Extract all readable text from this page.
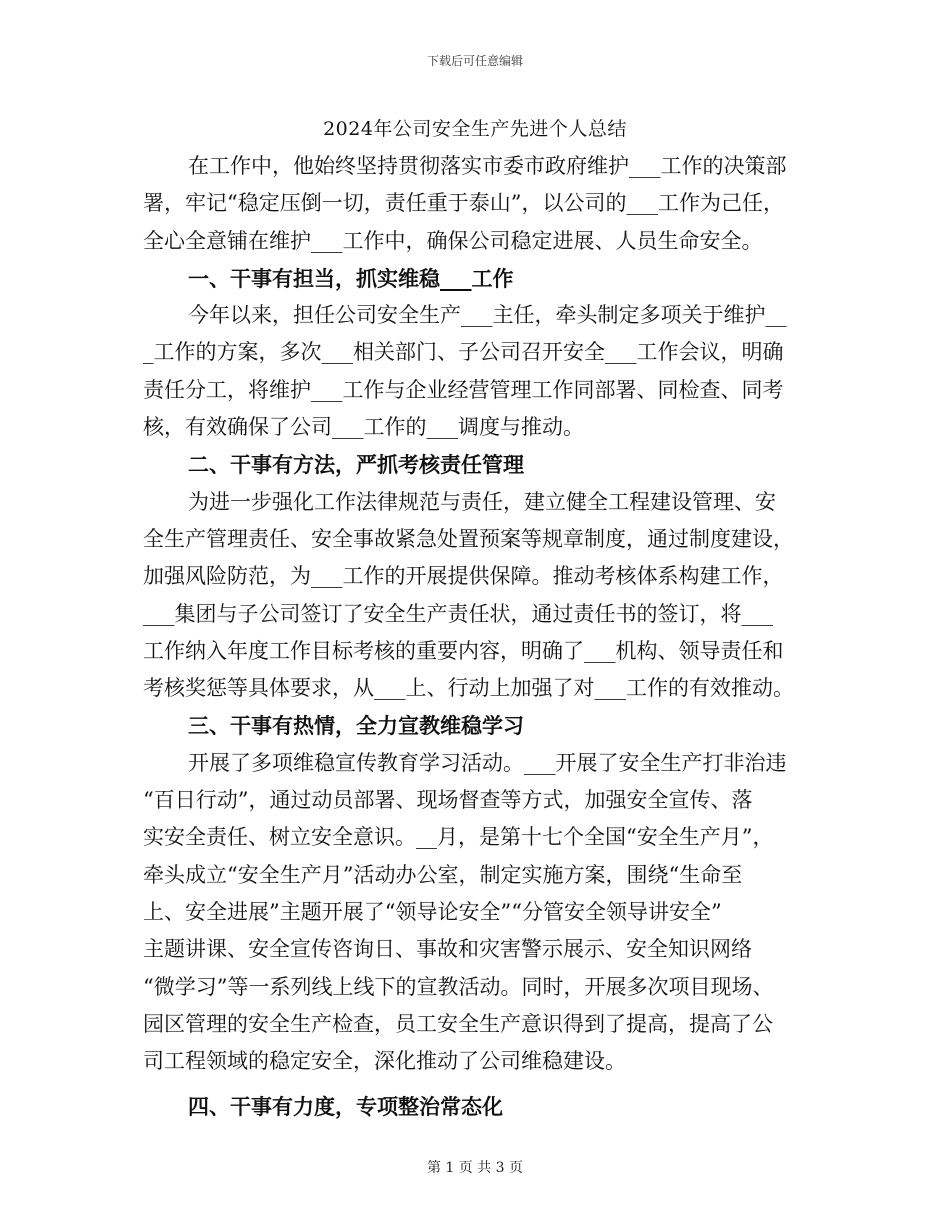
下载后可任意编辑
2024年公司安全生产先进个人总结
在工作中，他始终坚持贯彻落实市委市政府维护___工作的决策部
署，牢记“稳定压倒一切，责任重于泰山”，以公司的___工作为己任，
全心全意铺在维护___工作中，确保公司稳定进展、人员生命安全。
一、干事有担当，抓实维稳___工作
今年以来，担任公司安全生产___主任，牵头制定多项关于维护__
_工作的方案，多次___相关部门、子公司召开安全___工作会议，明确
责任分工，将维护___工作与企业经营管理工作同部署、同检查、同考
核，有效确保了公司___工作的___调度与推动。
二、干事有方法，严抓考核责任管理
为进一步强化工作法律规范与责任，建立健全工程建设管理、安
全生产管理责任、安全事故紧急处置预案等规章制度，通过制度建设，
加强风险防范，为___工作的开展提供保障。推动考核体系构建工作，
___集团与子公司签订了安全生产责任状，通过责任书的签订，将___
工作纳入年度工作目标考核的重要内容，明确了___机构、领导责任和
考核奖惩等具体要求，从___上、行动上加强了对___工作的有效推动。
三、干事有热情，全力宣教维稳学习
开展了多项维稳宣传教育学习活动。___开展了安全生产打非治违
“百日行动”，通过动员部署、现场督查等方式，加强安全宣传、落
实安全责任、树立安全意识。__月，是第十七个全国“安全生产月”，
牵头成立“安全生产月”活动办公室，制定实施方案，围绕“生命至
上、安全进展”主题开展了“领导论安全”“分管安全领导讲安全”
主题讲课、安全宣传咨询日、事故和灾害警示展示、安全知识网络
“微学习”等一系列线上线下的宣教活动。同时，开展多次项目现场、
园区管理的安全生产检查，员工安全生产意识得到了提高，提高了公
司工程领域的稳定安全，深化推动了公司维稳建设。
四、干事有力度，专项整治常态化
第 1 页 共 3 页
